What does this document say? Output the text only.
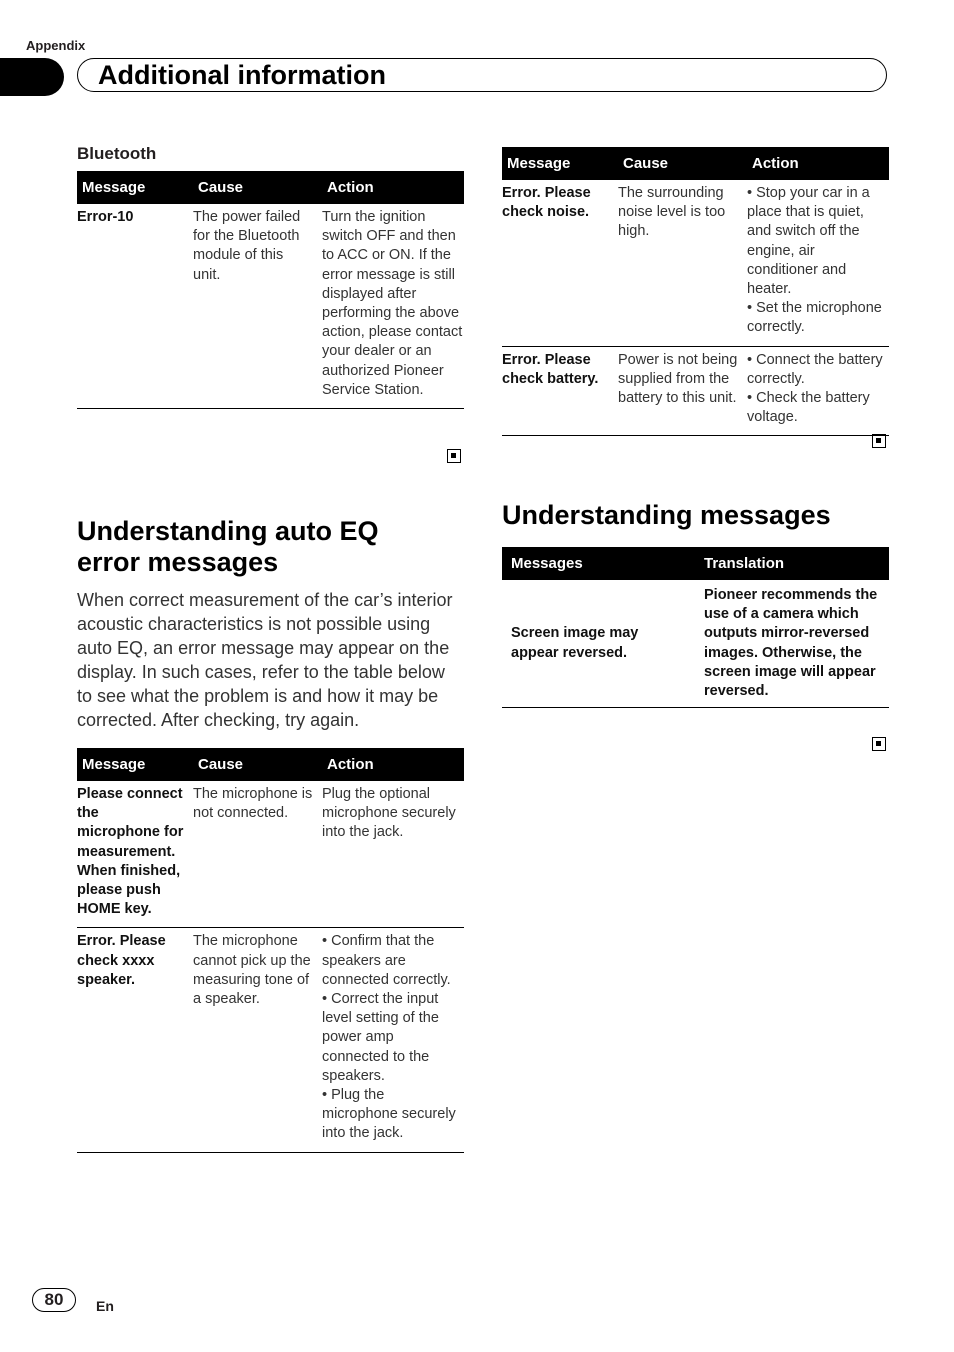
Appendix
Additional information

Bluetooth

Message	Cause	Action
Error-10	The power failed for the Bluetooth module of this unit.	Turn the ignition switch OFF and then to ACC or ON. If the error message is still displayed after performing the above action, please contact your dealer or an authorized Pioneer Service Station.
Understanding auto EQ error messages

When correct measurement of the car’s interior acoustic characteristics is not possible using auto EQ, an error message may appear on the display. In such cases, refer to the table below to see what the problem is and how it may be corrected. After checking, try again.

Message	Cause	Action
Please connect the microphone for measurement. When finished, please push HOME key.	The microphone is not connected.	Plug the optional microphone securely into the jack.
Error. Please check xxxx speaker.	The microphone cannot pick up the measuring tone of a speaker.	• Confirm that the speakers are connected correctly.
• Correct the input level setting of the power amp connected to the speakers.
• Plug the microphone securely into the jack.
Message	Cause	Action
Error. Please check noise.	The surrounding noise level is too high.	• Stop your car in a place that is quiet, and switch off the engine, air conditioner and heater.
• Set the microphone correctly.
Error. Please check battery.	Power is not being supplied from the battery to this unit.	• Connect the battery correctly.
• Check the battery voltage.
Understanding messages
Messages	Translation
Screen image may appear reversed.	Pioneer recommends the use of a camera which outputs mirror-reversed images. Otherwise, the screen image will appear reversed.
80	En
